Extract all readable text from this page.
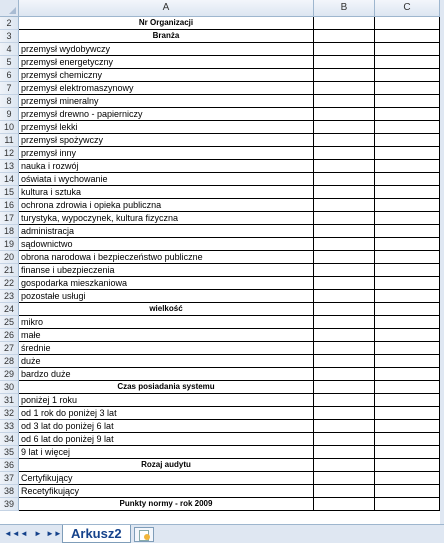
A	B	C
2	Nr Organizacji
3	Branża
4	przemysł wydobywczy
5	przemysł energetyczny
6	przemysł chemiczny
7	przemysł elektromaszynowy
8	przemysł mineralny
9	przemysł drewno - papierniczy
10 przemysł lekki
11 przemysł spożywczy
12 przemysł inny
13 nauka i rozwój
14 oświata i wychowanie
15 kultura i sztuka
16 ochrona zdrowia i opieka publiczna
17 turystyka, wypoczynek, kultura fizyczna
18 administracja
19 sądownictwo
20 obrona narodowa i bezpieczeństwo publiczne
21 finanse i ubezpieczenia
22 gospodarka mieszkaniowa
23 pozostałe usługi
24	wielkość
25 mikro
26 małe
27 średnie
28 duże
29 bardzo duże
30	Czas posiadania systemu
31 poniżej 1 roku
32 od 1 rok do poniżej 3 lat
33 od 3 lat do poniżej 6 lat
34 od 6 lat do poniżej 9 lat
35 9 lat i więcej
36	Rozaj audytu
37 Certyfikujący
38 Recetyfikujący
39	Punkty normy - rok 2009
◄◄ ◄ ► ►► Arkusz2
